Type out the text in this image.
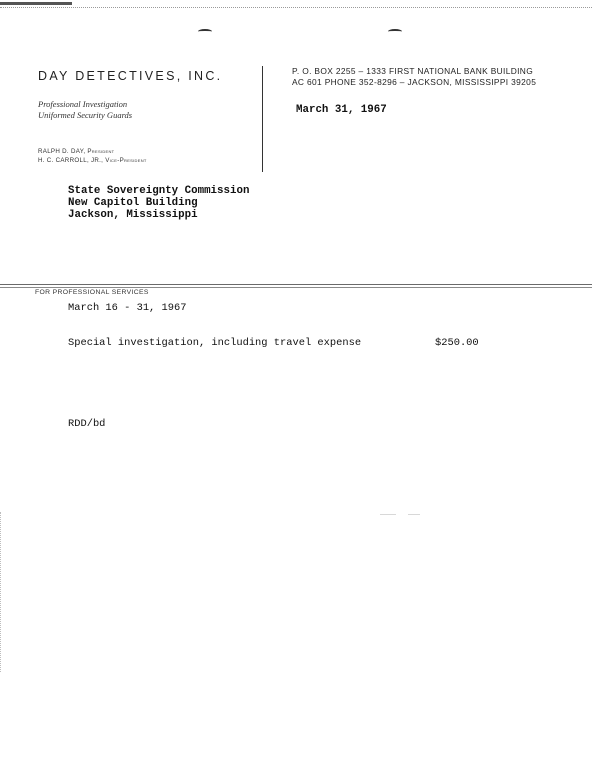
DAY DETECTIVES, INC.
Professional Investigation
Uniformed Security Guards
RALPH D. DAY, President
H. C. CARROLL, JR., Vice-President
P. O. BOX 2255 – 1333 FIRST NATIONAL BANK BUILDING
AC 601 PHONE 352-8296 – JACKSON, MISSISSIPPI 39205
March 31, 1967
State Sovereignty Commission
New Capitol Building
Jackson, Mississippi
FOR PROFESSIONAL SERVICES
March 16 - 31, 1967
Special investigation, including travel expense	$250.00
RDD/bd
